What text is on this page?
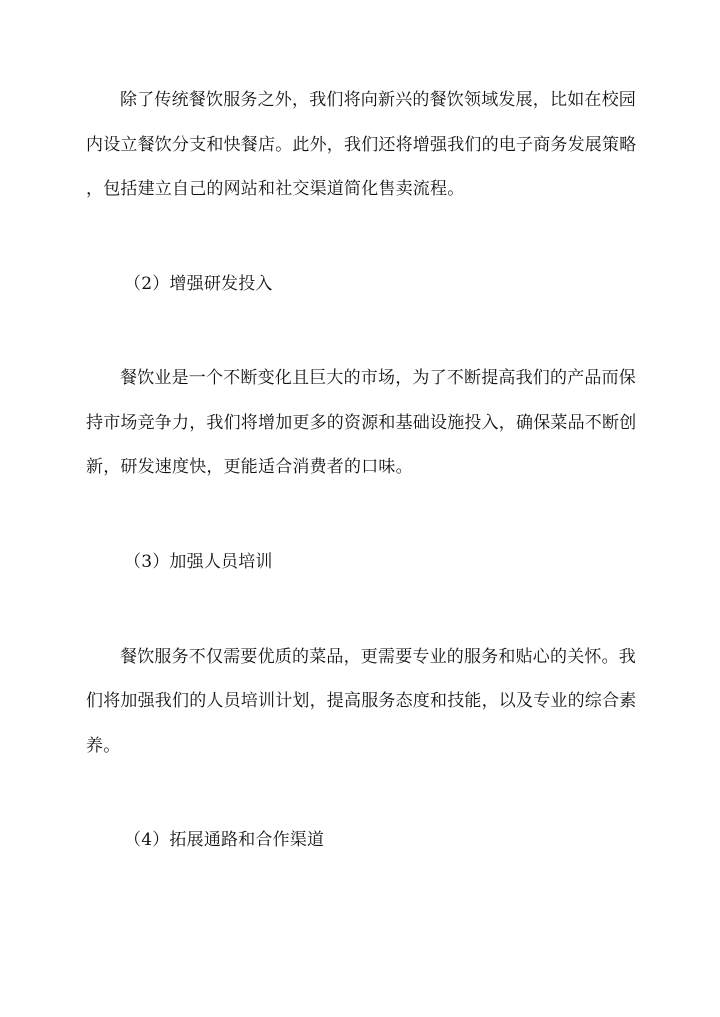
除了传统餐饮服务之外，我们将向新兴的餐饮领域发展，比如在校园
内设立餐饮分支和快餐店。此外，我们还将增强我们的电子商务发展策略
，包括建立自己的网站和社交渠道简化售卖流程。
（2）增强研发投入
餐饮业是一个不断变化且巨大的市场，为了不断提高我们的产品而保
持市场竞争力，我们将增加更多的资源和基础设施投入，确保菜品不断创
新，研发速度快，更能适合消费者的口味。
（3）加强人员培训
餐饮服务不仅需要优质的菜品，更需要专业的服务和贴心的关怀。我
们将加强我们的人员培训计划，提高服务态度和技能，以及专业的综合素
养。
（4）拓展通路和合作渠道
